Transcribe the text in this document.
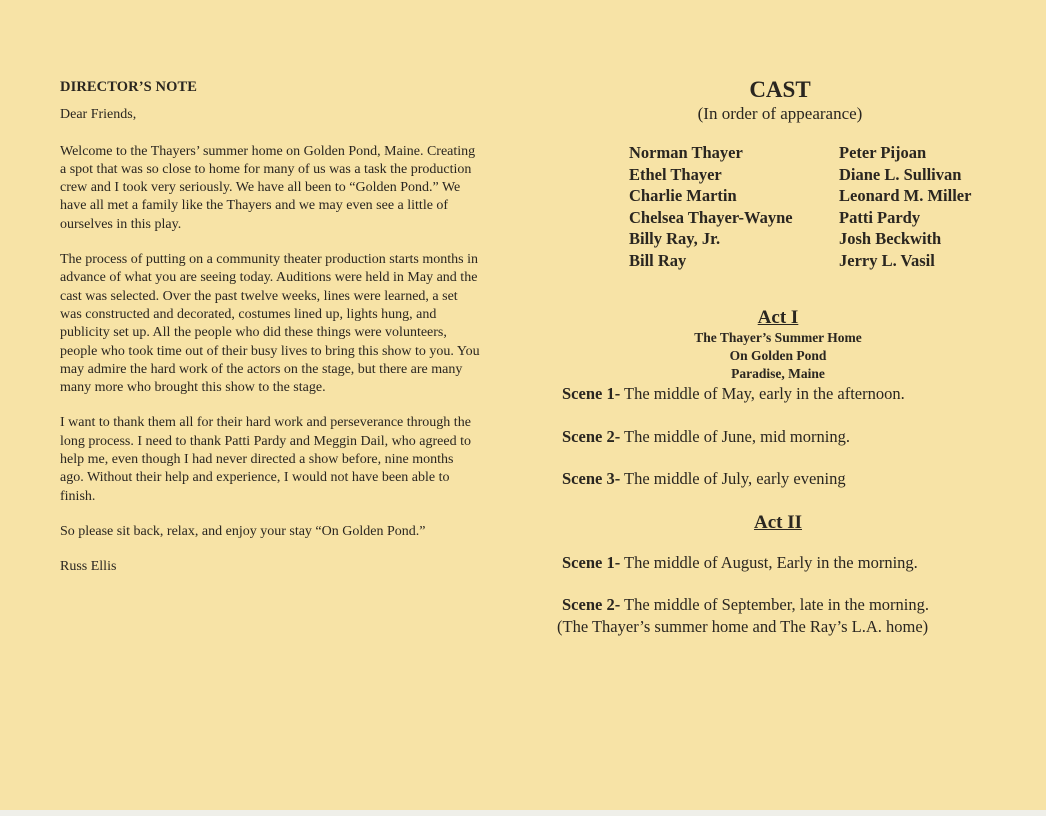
DIRECTOR’S NOTE
Dear Friends,
Welcome to the Thayers’ summer home on Golden Pond, Maine. Creating a spot that was so close to home for many of us was a task the production crew and I took very seriously. We have all been to “Golden Pond.” We have all met a family like the Thayers and we may even see a little of ourselves in this play.
The process of putting on a community theater production starts months in advance of what you are seeing today. Auditions were held in May and the cast was selected. Over the past twelve weeks, lines were learned, a set was constructed and decorated, costumes lined up, lights hung, and publicity set up. All the people who did these things were volunteers, people who took time out of their busy lives to bring this show to you. You may admire the hard work of the actors on the stage, but there are many many more who brought this show to the stage.
I want to thank them all for their hard work and perseverance through the long process. I need to thank Patti Pardy and Meggin Dail, who agreed to help me, even though I had never directed a show before, nine months ago. Without their help and experience, I would not have been able to finish.
So please sit back, relax, and enjoy your stay “On Golden Pond.”
Russ Ellis
CAST
(In order of appearance)
Norman Thayer	Peter Pijoan
Ethel Thayer	Diane L. Sullivan
Charlie Martin	Leonard M. Miller
Chelsea Thayer-Wayne	Patti Pardy
Billy Ray, Jr.	Josh Beckwith
Bill Ray	Jerry L. Vasil
Act I
The Thayer’s Summer Home
On Golden Pond
Paradise, Maine

Scene 1- The middle of May, early in the afternoon.

Scene 2- The middle of June, mid morning.

Scene 3- The middle of July, early evening

Act II

Scene 1- The middle of August, Early in the morning.

Scene 2- The middle of September, late in the morning.

(The Thayer’s summer home and The Ray’s L.A. home)
